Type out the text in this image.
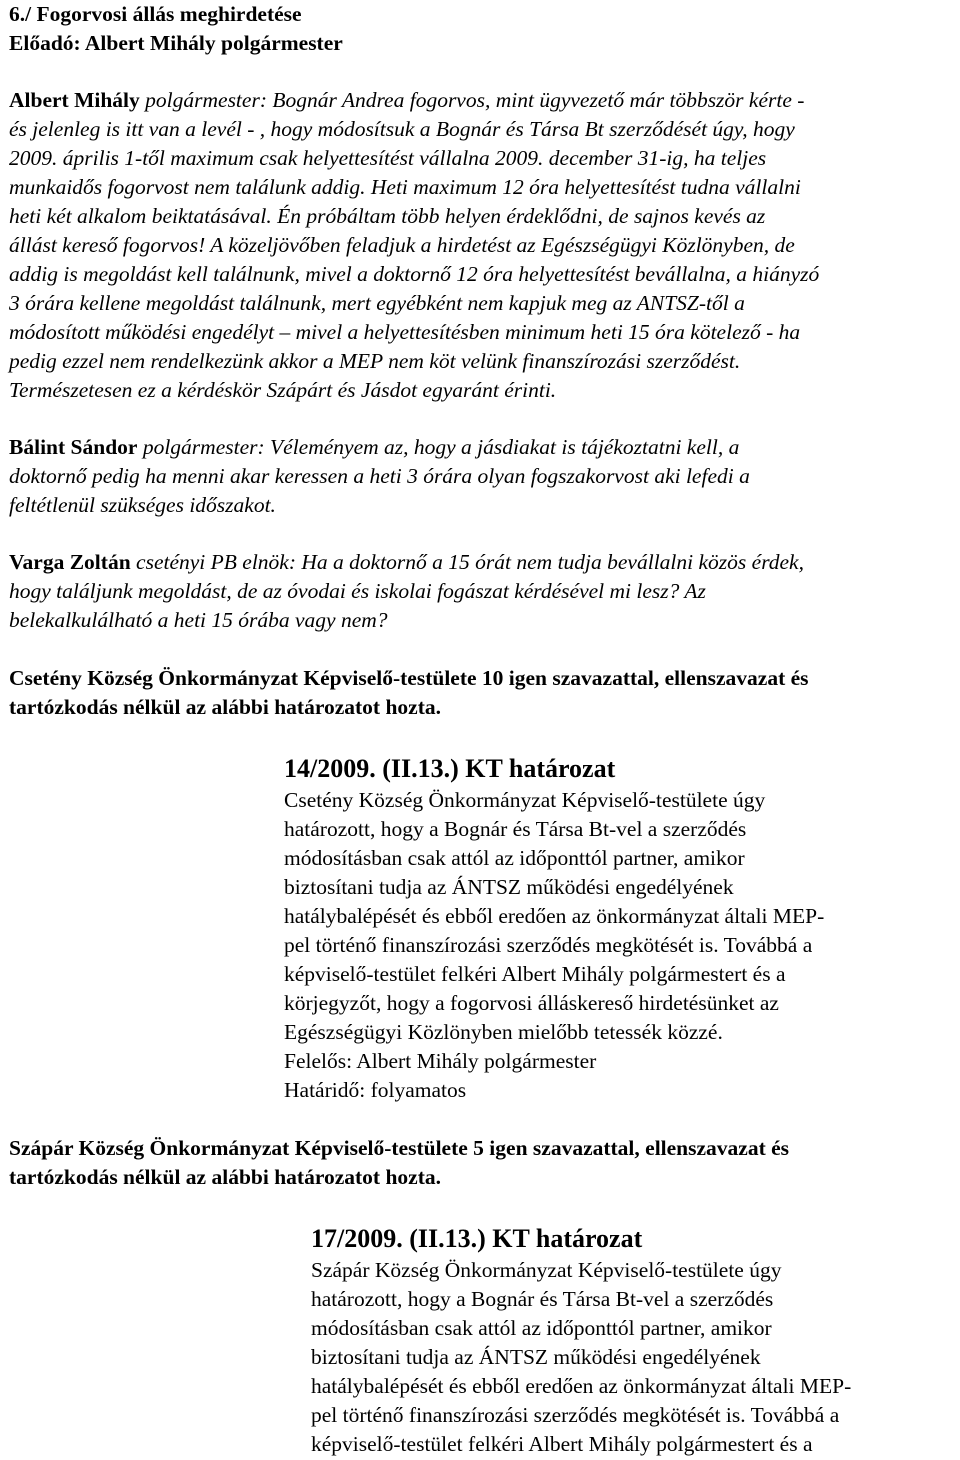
6./ Fogorvosi állás meghirdetése
Előadó: Albert Mihály polgármester
Albert Mihály polgármester: Bognár Andrea fogorvos, mint ügyvezető már többször kérte -
és jelenleg is itt van a levél - , hogy módosítsuk a Bognár és Társa Bt szerződését úgy, hogy
2009. április 1-től maximum csak helyettesítést vállalna 2009. december 31-ig, ha teljes
munkaidős fogorvost nem találunk addig. Heti maximum 12 óra helyettesítést tudna vállalni
heti két alkalom beiktatásával. Én próbáltam több helyen érdeklődni, de sajnos kevés az
állást kereső fogorvos! A közeljövőben feladjuk a hirdetést az Egészségügyi Közlönyben, de
addig is megoldást kell találnunk, mivel a doktornő 12 óra helyettesítést bevállalna, a hiányzó
3 órára kellene megoldást találnunk, mert egyébként nem kapjuk meg az ANTSZ-től a
módosított működési engedélyt – mivel a helyettesítésben minimum heti 15 óra kötelező - ha
pedig ezzel nem rendelkezünk akkor a MEP nem köt velünk finanszírozási szerződést.
Természetesen ez a kérdéskör Szápárt és Jásdot egyaránt érinti.
Bálint Sándor polgármester: Véleményem az, hogy a jásdiakat is tájékoztatni kell, a
doktornő pedig ha menni akar keressen a heti 3 órára olyan fogszakorvost aki lefedi a
feltétlenül szükséges időszakot.
Varga Zoltán csetényi PB elnök: Ha a doktornő a 15 órát nem tudja bevállalni közös érdek,
hogy találjunk megoldást, de az óvodai és iskolai fogászat kérdésével mi lesz? Az
belekalkulálható a heti 15 órába vagy nem?
Csetény Község Önkormányzat Képviselő-testülete 10 igen szavazattal, ellenszavazat és
tartózkodás nélkül az alábbi határozatot hozta.
14/2009. (II.13.) KT határozat
Csetény Község Önkormányzat Képviselő-testülete úgy
határozott, hogy a Bognár és Társa Bt-vel a szerződés
módosításban csak attól az időponttól partner, amikor
biztosítani tudja az ÁNTSZ működési engedélyének
hatálybalépését és ebből eredően az önkormányzat általi MEP-
pel történő finanszírozási szerződés megkötését is. Továbbá a
képviselő-testület felkéri Albert Mihály polgármestert és a
körjegyzőt, hogy a fogorvosi álláskereső hirdetésünket az
Egészségügyi Közlönyben mielőbb tetessék közzé.
Felelős: Albert Mihály polgármester
Határidő: folyamatos
Szápár Község Önkormányzat Képviselő-testülete 5 igen szavazattal, ellenszavazat és
tartózkodás nélkül az alábbi határozatot hozta.
17/2009. (II.13.) KT határozat
Szápár Község Önkormányzat Képviselő-testülete úgy
határozott, hogy a Bognár és Társa Bt-vel a szerződés
módosításban csak attól az időponttól partner, amikor
biztosítani tudja az ÁNTSZ működési engedélyének
hatálybalépését és ebből eredően az önkormányzat általi MEP-
pel történő finanszírozási szerződés megkötését is. Továbbá a
képviselő-testület felkéri Albert Mihály polgármestert és a
